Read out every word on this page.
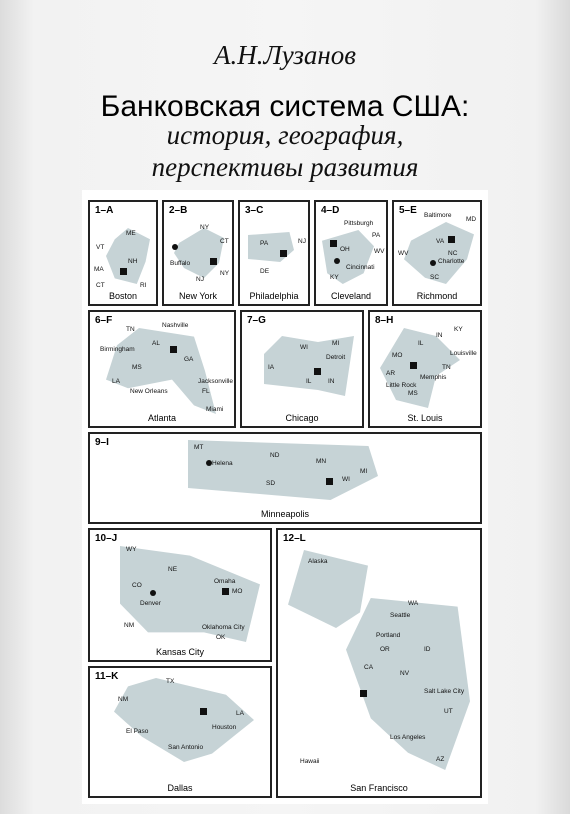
А.Н.Лузанов
Банковская система США:
история, география,
перспективы развития
1–A
ME
VT
NH
MA
CT	RI
Boston
2–B
NY
CT
Buffalo
NJ
NY
New York
3–C
PA	NJ
DE
Philadelphia
4–D
Pittsburgh
PA
OH	WV
Cincinnati
KY
Cleveland
5–E Baltimore
MD
VA
WV	NC
Charlotte
SC
Richmond
6–F
TN
Nashville
Birmingham
AL
GA
MS
LA
New Orleans
Jacksonville
FL
Miami
Atlanta
7–G
WI
MI
Detroit
IA
IL	IN
Chicago
8–H
IN
KY
IL
Louisville
MO
TN
AR
Memphis
Little Rock
MS
St. Louis
9–I	MT
Helena
ND
MN
SD
MI
WI
Minneapolis
10–J
WY
NE
CO
Omaha
Denver
MO
NM	Oklahoma City
OK
Kansas City
11–K	TX
NM
LA
El Paso
Houston
San Antonio
Dallas
12–L
Alaska
WA
Seattle
Portland
OR	ID
CA
NV
Salt Lake City
UT
Los Angeles
Hawaii	AZ
San Francisco
